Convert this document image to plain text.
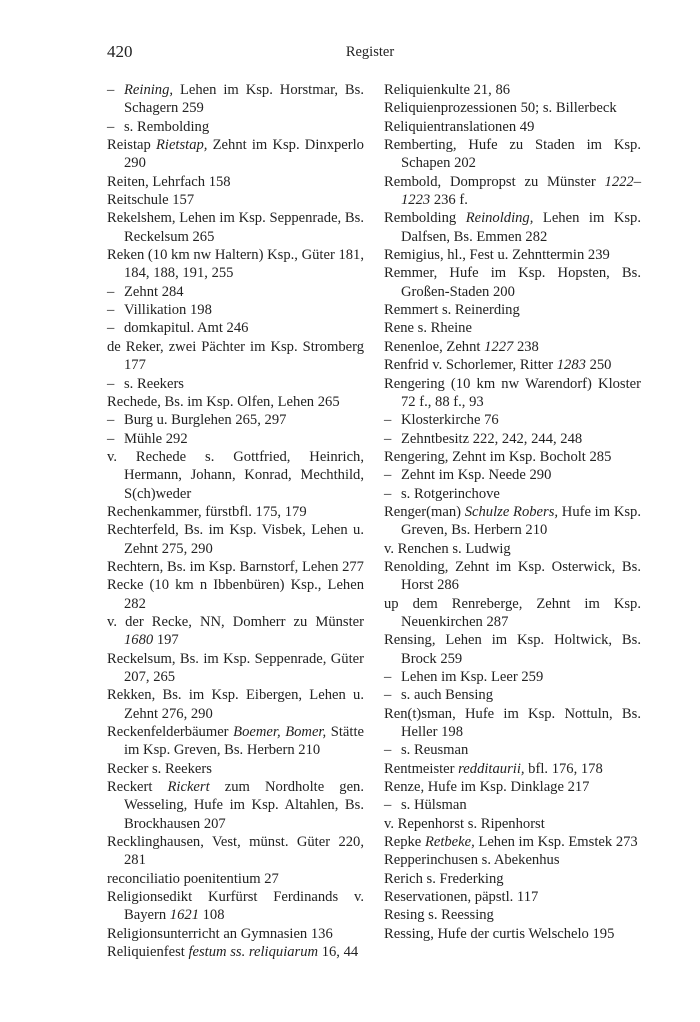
420	Register
– Reining, Lehen im Ksp. Horstmar, Bs. Schagern 259
– s. Rembolding
Reistap Rietstap, Zehnt im Ksp. Dinxperlo 290
Reiten, Lehrfach 158
Reitschule 157
Rekelshem, Lehen im Ksp. Seppenrade, Bs. Reckelsum 265
Reken (10 km nw Haltern) Ksp., Güter 181, 184, 188, 191, 255
– Zehnt 284
– Villikation 198
– domkapitul. Amt 246
de Reker, zwei Pächter im Ksp. Stromberg 177
– s. Reekers
Rechede, Bs. im Ksp. Olfen, Lehen 265
– Burg u. Burglehen 265, 297
– Mühle 292
v. Rechede s. Gottfried, Heinrich, Hermann, Johann, Konrad, Mechthild, S(ch)weder
Rechenkammer, fürstbfl. 175, 179
Rechterfeld, Bs. im Ksp. Visbek, Lehen u. Zehnt 275, 290
Rechtern, Bs. im Ksp. Barnstorf, Lehen 277
Recke (10 km n Ibbenbüren) Ksp., Lehen 282
v. der Recke, NN, Domherr zu Münster 1680 197
Reckelsum, Bs. im Ksp. Seppenrade, Güter 207, 265
Rekken, Bs. im Ksp. Eibergen, Lehen u. Zehnt 276, 290
Reckenfelderbäumer Boemer, Bomer, Stätte im Ksp. Greven, Bs. Herbern 210
Recker s. Reekers
Reckert Rickert zum Nordholte gen. Wesseling, Hufe im Ksp. Altahlen, Bs. Brockhausen 207
Recklinghausen, Vest, münst. Güter 220, 281
reconciliatio poenitentium 27
Religionsedikt Kurfürst Ferdinands v. Bayern 1621 108
Religionsunterricht an Gymnasien 136
Reliquienfest festum ss. reliquiarum 16, 44
Reliquienkulte 21, 86
Reliquienprozessionen 50; s. Billerbeck
Reliquientranslationen 49
Remberting, Hufe zu Staden im Ksp. Schapen 202
Rembold, Dompropst zu Münster 1222–1223 236 f.
Rembolding Reinolding, Lehen im Ksp. Dalfsen, Bs. Emmen 282
Remigius, hl., Fest u. Zehnttermin 239
Remmer, Hufe im Ksp. Hopsten, Bs. Großen-Staden 200
Remmert s. Reinerding
Rene s. Rheine
Renenloe, Zehnt 1227 238
Renfrid v. Schorlemer, Ritter 1283 250
Rengering (10 km nw Warendorf) Kloster 72 f., 88 f., 93
– Klosterkirche 76
– Zehntbesitz 222, 242, 244, 248
Rengering, Zehnt im Ksp. Bocholt 285
– Zehnt im Ksp. Neede 290
– s. Rotgerinchove
Renger(man) Schulze Robers, Hufe im Ksp. Greven, Bs. Herbern 210
v. Renchen s. Ludwig
Renolding, Zehnt im Ksp. Osterwick, Bs. Horst 286
up dem Renreberge, Zehnt im Ksp. Neuenkirchen 287
Rensing, Lehen im Ksp. Holtwick, Bs. Brock 259
– Lehen im Ksp. Leer 259
– s. auch Bensing
Ren(t)sman, Hufe im Ksp. Nottuln, Bs. Heller 198
– s. Reusman
Rentmeister redditaurii, bfl. 176, 178
Renze, Hufe im Ksp. Dinklage 217
– s. Hülsman
v. Repenhorst s. Ripenhorst
Repke Retbeke, Lehen im Ksp. Emstek 273
Repperinchusen s. Abekenhus
Rerich s. Frederking
Reservationen, päpstl. 117
Resing s. Reessing
Ressing, Hufe der curtis Welschelo 195
